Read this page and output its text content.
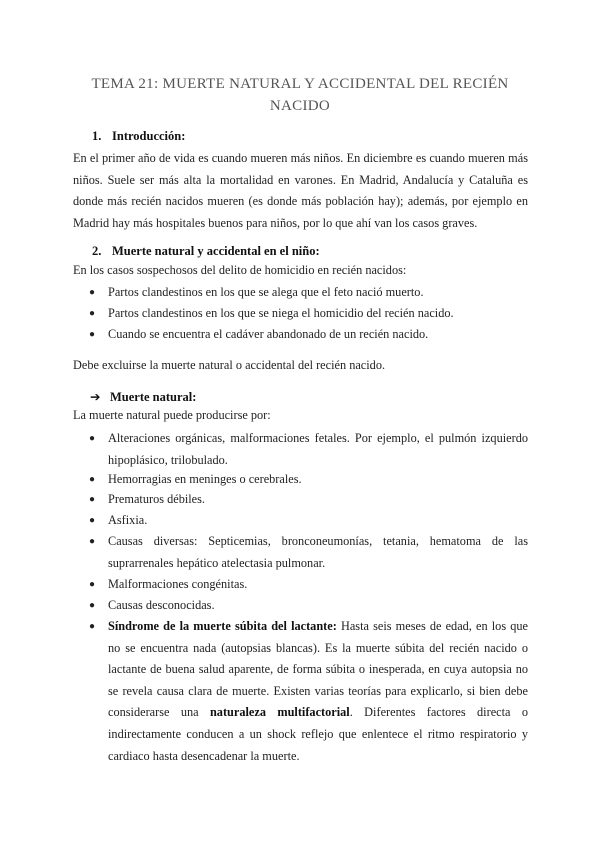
TEMA 21: MUERTE NATURAL Y ACCIDENTAL DEL RECIÉN NACIDO
1. Introducción:
En el primer año de vida es cuando mueren más niños. En diciembre es cuando mueren más niños. Suele ser más alta la mortalidad en varones. En Madrid, Andalucía y Cataluña es donde más recién nacidos mueren (es donde más población hay); además, por ejemplo en Madrid hay más hospitales buenos para niños, por lo que ahí van los casos graves.
2. Muerte natural y accidental en el niño:
En los casos sospechosos del delito de homicidio en recién nacidos:
● Partos clandestinos en los que se alega que el feto nació muerto.
● Partos clandestinos en los que se niega el homicidio del recién nacido.
● Cuando se encuentra el cadáver abandonado de un recién nacido.
Debe excluirse la muerte natural o accidental del recién nacido.
➔ Muerte natural:
La muerte natural puede producirse por:
● Alteraciones orgánicas, malformaciones fetales. Por ejemplo, el pulmón izquierdo hipoplásico, trilobulado.
● Hemorragias en meninges o cerebrales.
● Prematuros débiles.
● Asfixia.
● Causas diversas: Septicemias, bronconeumonías, tetania, hematoma de las suprarrenales hepático atelectasia pulmonar.
● Malformaciones congénitas.
● Causas desconocidas.
● Síndrome de la muerte súbita del lactante: Hasta seis meses de edad, en los que no se encuentra nada (autopsias blancas). Es la muerte súbita del recién nacido o lactante de buena salud aparente, de forma súbita o inesperada, en cuya autopsia no se revela causa clara de muerte. Existen varias teorías para explicarlo, si bien debe considerarse una naturaleza multifactorial. Diferentes factores directa o indirectamente conducen a un shock reflejo que enlentece el ritmo respiratorio y cardiaco hasta desencadenar la muerte.
